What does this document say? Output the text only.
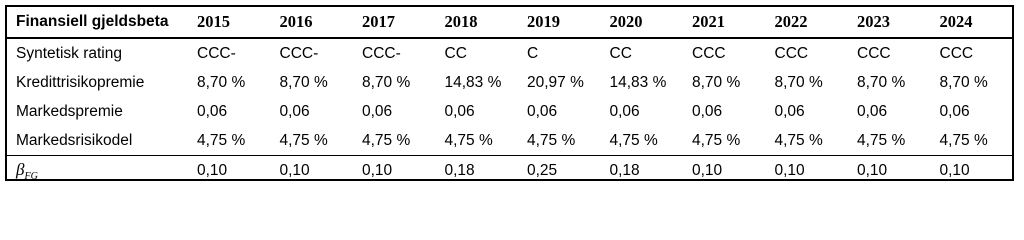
Finansiell gjeldsbeta	2015	2016	2017	2018	2019	2020	2021	2022	2023	2024
Syntetisk rating	CCC-	CCC-	CCC-	CC	C	CC	CCC	CCC	CCC	CCC
Kredittrisikopremie	8,70 %	8,70 %	8,70 %	14,83 %	20,97 %	14,83 %	8,70 %	8,70 %	8,70 %	8,70 %
Markedspremie	0,06	0,06	0,06	0,06	0,06	0,06	0,06	0,06	0,06	0,06
Markedsrisikodel	4,75 %	4,75 %	4,75 %	4,75 %	4,75 %	4,75 %	4,75 %	4,75 %	4,75 %	4,75 %
$\beta_{FG}$	0,10	0,10	0,10	0,18	0,25	0,18	0,10	0,10	0,10	0,10
